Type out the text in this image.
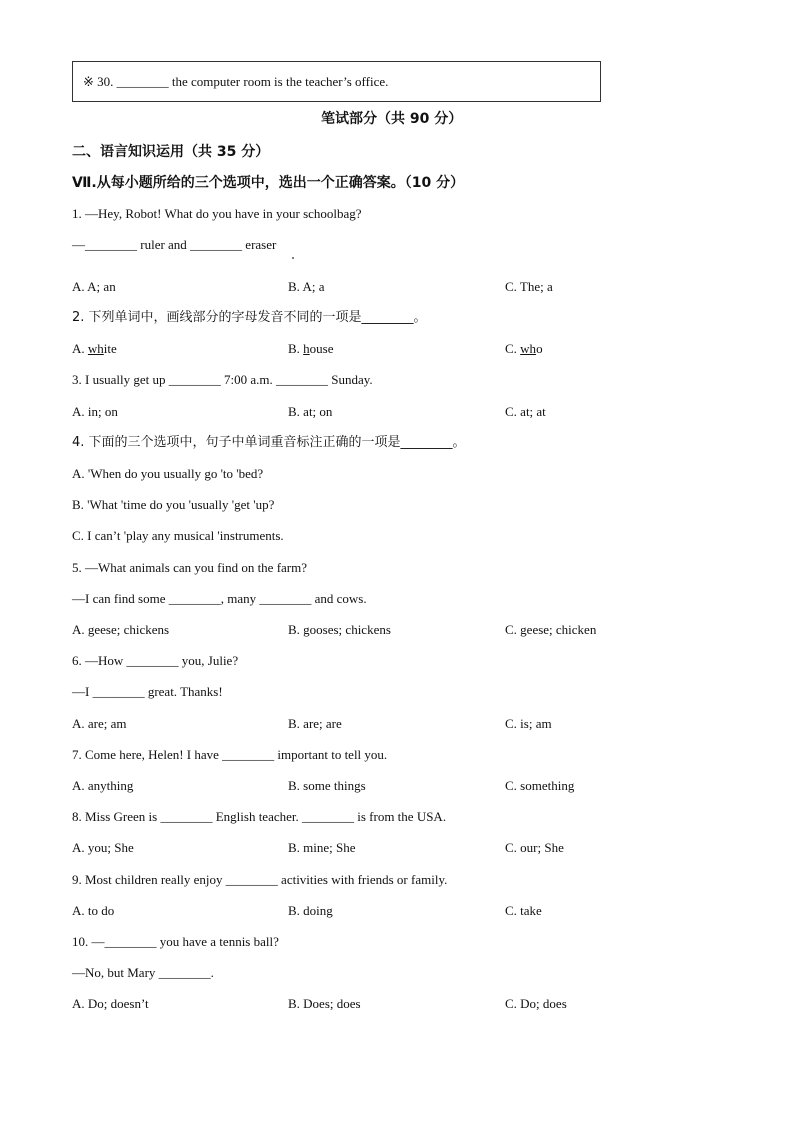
※ 30. ________ the computer room is the teacher’s office.
笔试部分（共 90 分）
二、语言知识运用（共 35 分）
Ⅶ.从每小题所给的三个选项中，选出一个正确答案。（10 分）
1. —Hey, Robot! What do you have in your schoolbag?
—________ ruler and ________ eraser
A. A; an	B. A; a	C. The; a
2. 下列单词中，画线部分的字母发音不同的一项是________。
A. white	B. house	C. who
3. I usually get up ________ 7:00 a.m. ________ Sunday.
A. in; on	B. at; on	C. at; at
4. 下面的三个选项中，句子中单词重音标注正确的一项是________。
A. 'When do you usually go 'to 'bed?
B. 'What 'time do you 'usually 'get 'up?
C. I can’t 'play any musical 'instruments.
5. —What animals can you find on the farm?
—I can find some ________, many ________ and cows.
A. geese; chickens	B. gooses; chickens	C. geese; chicken
6. —How ________ you, Julie?
—I ________ great. Thanks!
A. are; am	B. are; are	C. is; am
7. Come here, Helen! I have ________ important to tell you.
A. anything	B. some things	C. something
8. Miss Green is ________ English teacher. ________ is from the USA.
A. you; She	B. mine; She	C. our; She
9. Most children really enjoy ________ activities with friends or family.
A. to do	B. doing	C. take
10. —________ you have a tennis ball?
—No, but Mary ________.
A. Do; doesn’t	B. Does; does	C. Do; does
